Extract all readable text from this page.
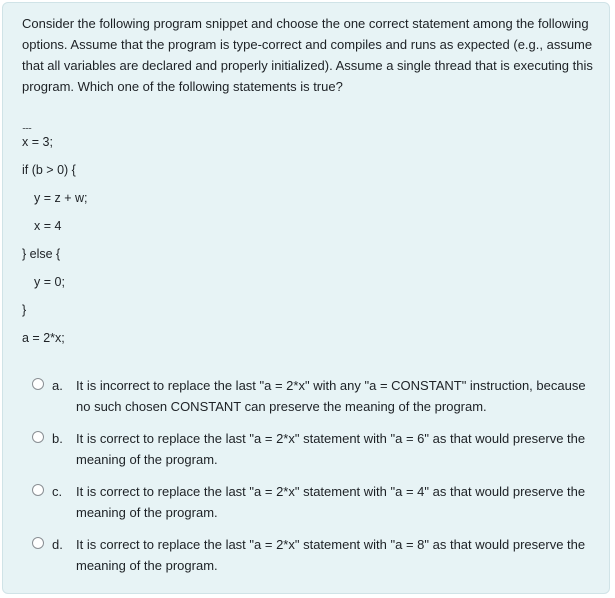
Consider the following program snippet and choose the one correct statement among the following options. Assume that the program is type-correct and compiles and runs as expected (e.g., assume that all variables are declared and properly initialized). Assume a single thread that is executing this program. Which one of the following statements is true?

......
x = 3;
if (b > 0) {
y = z + w;
x = 4
} else {
y = 0;
}
a = 2*x;
a. It is incorrect to replace the last "a = 2*x" with any "a = CONSTANT" instruction, because no such chosen CONSTANT can preserve the meaning of the program.
b. It is correct to replace the last "a = 2*x" statement with "a = 6" as that would preserve the meaning of the program.
c. It is correct to replace the last "a = 2*x" statement with "a = 4" as that would preserve the meaning of the program.
d. It is correct to replace the last "a = 2*x" statement with "a = 8" as that would preserve the meaning of the program.
